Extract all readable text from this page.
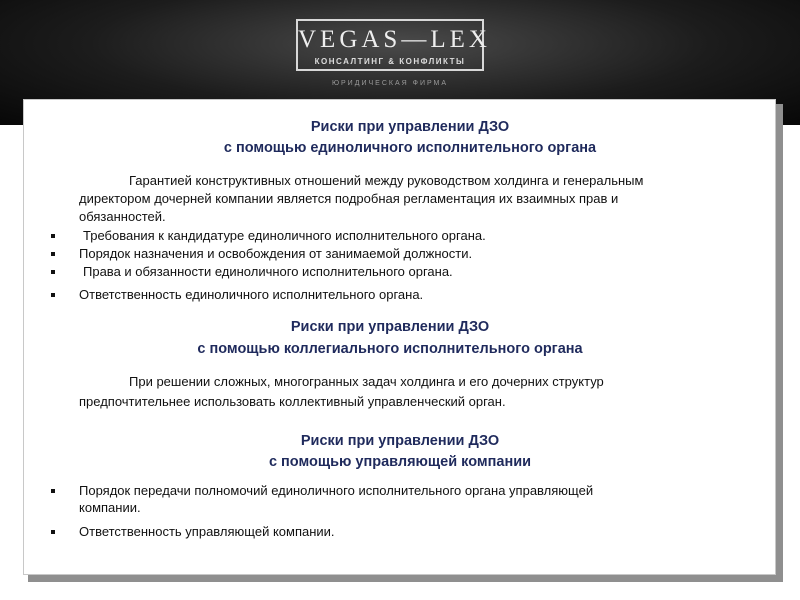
VEGAS—LEX
КОНСАЛТИНГ & КОНФЛИКТЫ
ЮРИДИЧЕСКАЯ ФИРМА
Риски при управлении ДЗО
с помощью единоличного исполнительного органа
Гарантией конструктивных отношений между руководством холдинга и генеральным
директором дочерней компании является подробная регламентация их взаимных прав и
обязанностей.
Требования к кандидатуре единоличного исполнительного органа.
Порядок назначения и освобождения от занимаемой должности.
Права и обязанности единоличного исполнительного органа.
Ответственность единоличного исполнительного органа.
Риски при управлении ДЗО
с помощью коллегиального исполнительного органа
При решении сложных, многогранных задач холдинга и его дочерних структур
предпочтительнее использовать коллективный управленческий орган.
Риски при управлении ДЗО
с помощью управляющей компании
Порядок передачи полномочий единоличного исполнительного органа управляющей
компании.
Ответственность управляющей компании.
